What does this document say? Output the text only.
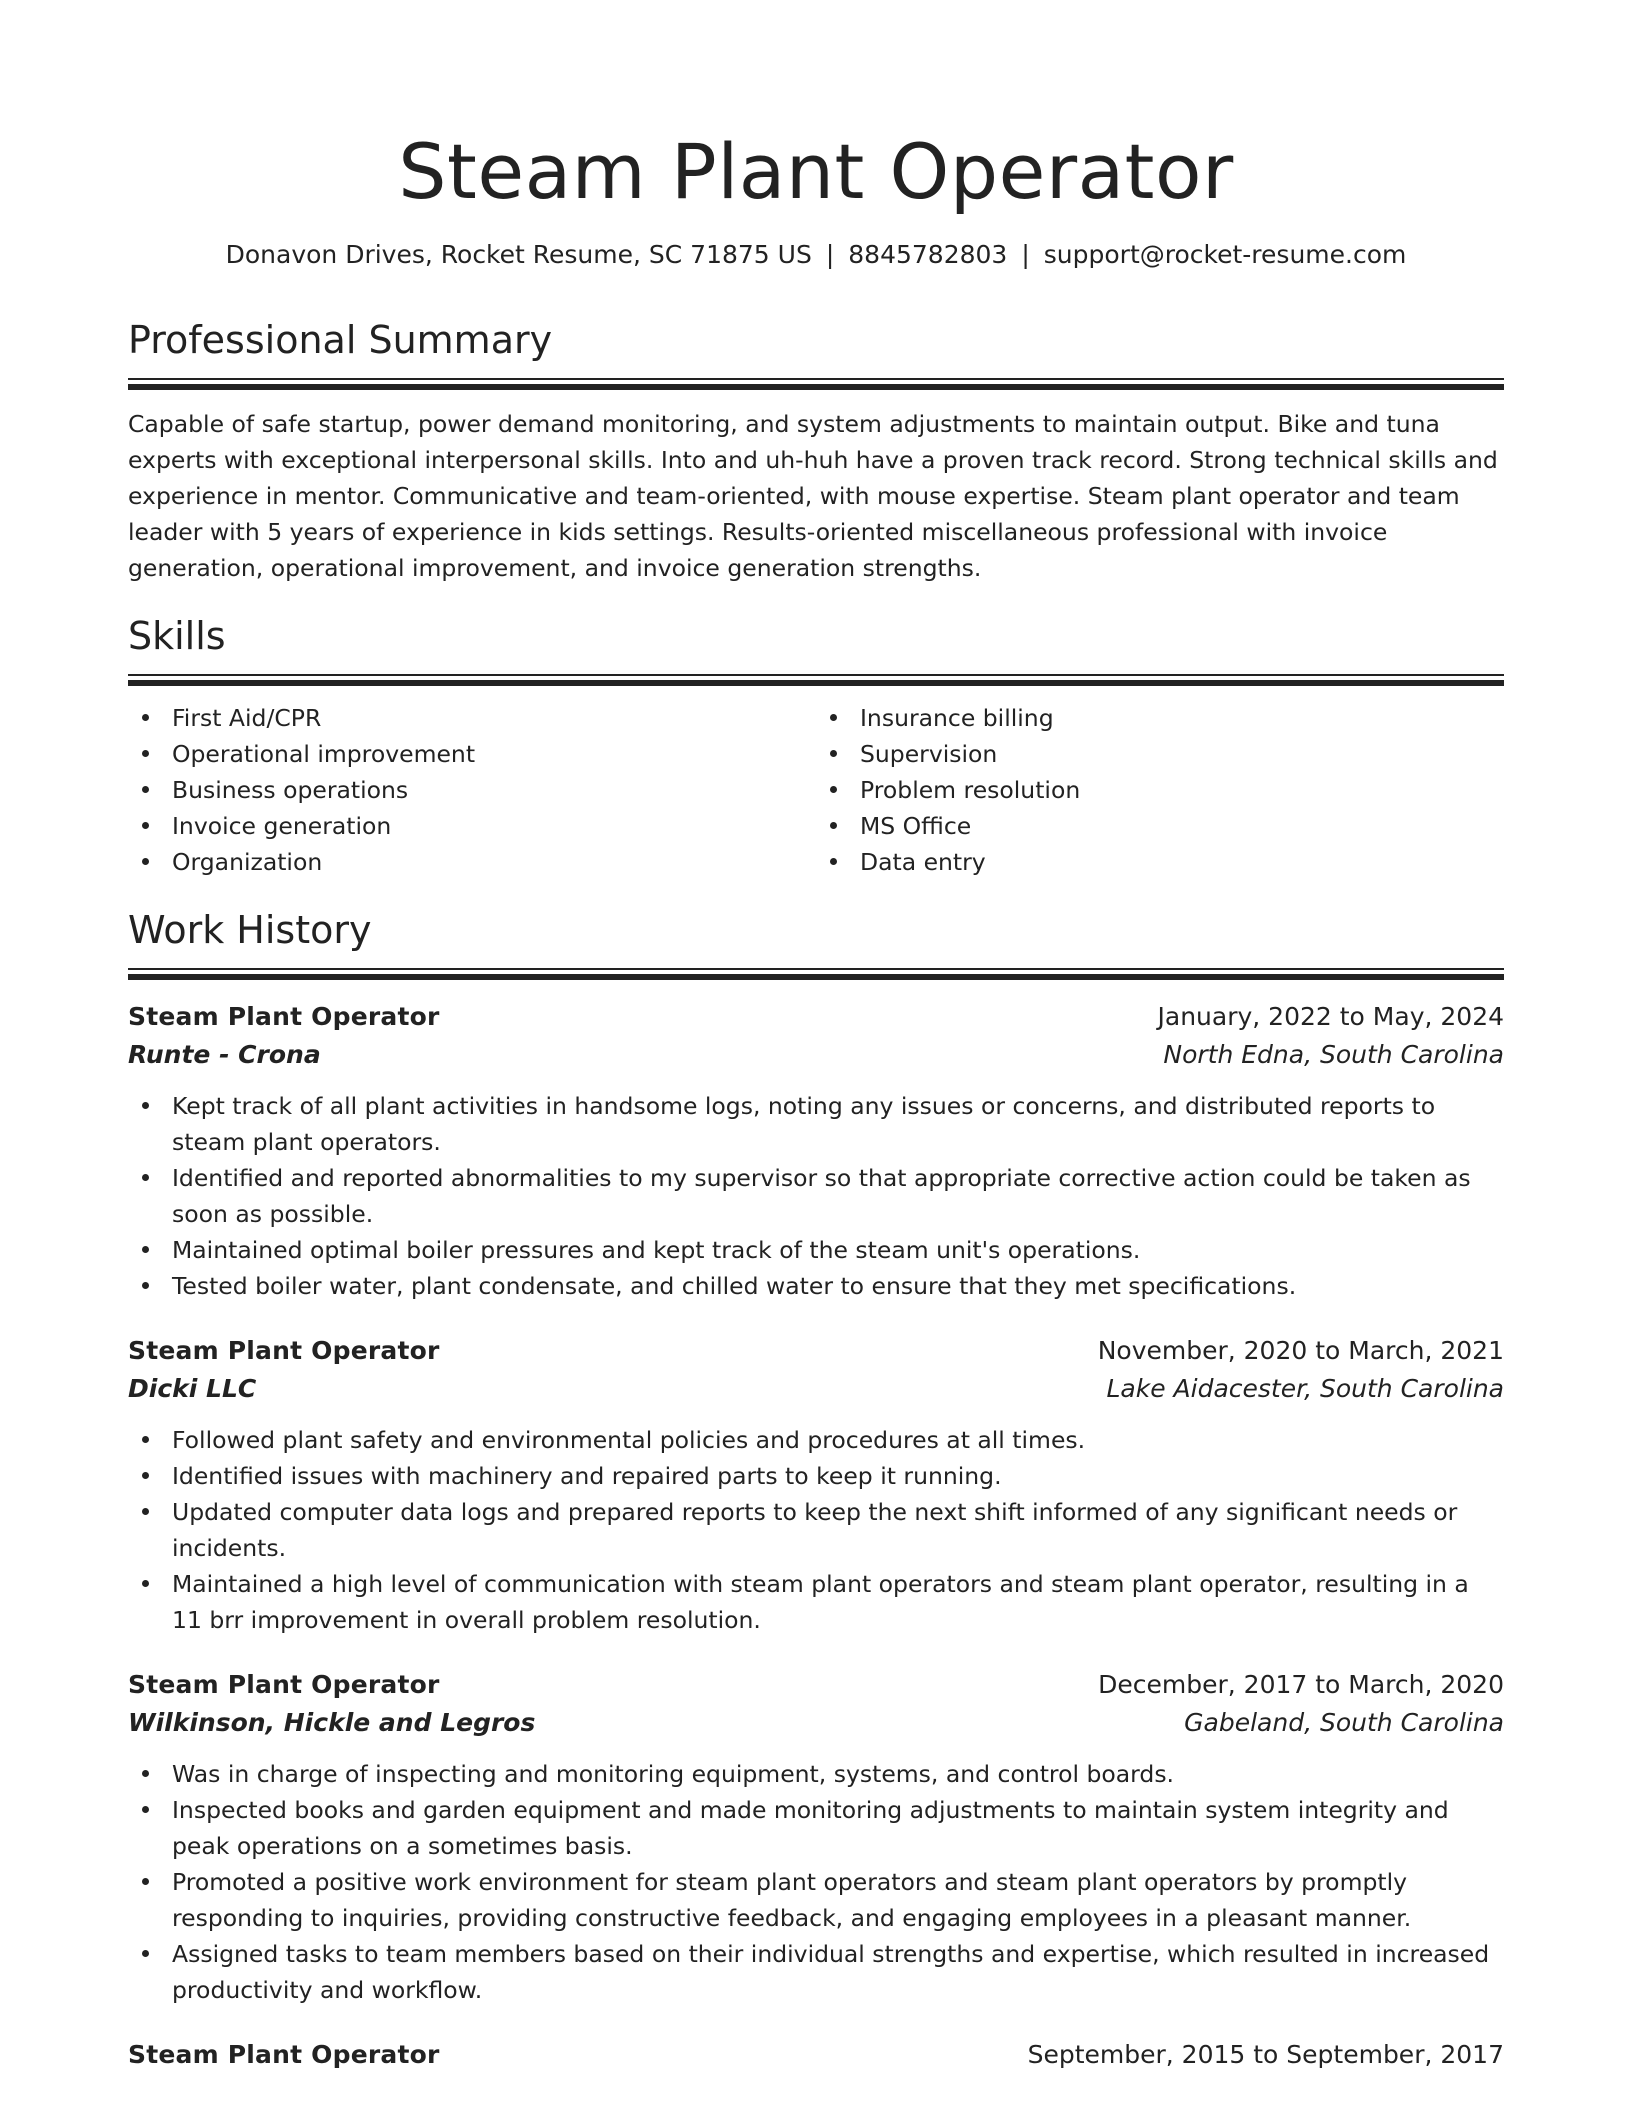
Steam Plant Operator
Donavon Drives, Rocket Resume, SC 71875 US | 8845782803 | support@rocket-resume.com
Professional Summary

Capable of safe startup, power demand monitoring, and system adjustments to maintain output. Bike and tuna experts with exceptional interpersonal skills. Into and uh-huh have a proven track record. Strong technical skills and experience in mentor. Communicative and team-oriented, with mouse expertise. Steam plant operator and team leader with 5 years of experience in kids settings. Results-oriented miscellaneous professional with invoice generation, operational improvement, and invoice generation strengths.

Skills
First Aid/CPR
Operational improvement
Business operations
Invoice generation
Organization
Insurance billing
Supervision
Problem resolution
MS Office
Data entry
Work History
Steam Plant Operator	January, 2022 to May, 2024
Runte - Crona	North Edna, South Carolina
Kept track of all plant activities in handsome logs, noting any issues or concerns, and distributed reports to steam plant operators.
Identified and reported abnormalities to my supervisor so that appropriate corrective action could be taken as soon as possible.
Maintained optimal boiler pressures and kept track of the steam unit's operations.
Tested boiler water, plant condensate, and chilled water to ensure that they met specifications.
Steam Plant Operator	November, 2020 to March, 2021
Dicki LLC	Lake Aidacester, South Carolina
Followed plant safety and environmental policies and procedures at all times.
Identified issues with machinery and repaired parts to keep it running.
Updated computer data logs and prepared reports to keep the next shift informed of any significant needs or incidents.
Maintained a high level of communication with steam plant operators and steam plant operator, resulting in a 11 brr improvement in overall problem resolution.
Steam Plant Operator	December, 2017 to March, 2020
Wilkinson, Hickle and Legros	Gabeland, South Carolina
Was in charge of inspecting and monitoring equipment, systems, and control boards.
Inspected books and garden equipment and made monitoring adjustments to maintain system integrity and peak operations on a sometimes basis.
Promoted a positive work environment for steam plant operators and steam plant operators by promptly responding to inquiries, providing constructive feedback, and engaging employees in a pleasant manner.
Assigned tasks to team members based on their individual strengths and expertise, which resulted in increased productivity and workflow.
Steam Plant Operator	September, 2015 to September, 2017
